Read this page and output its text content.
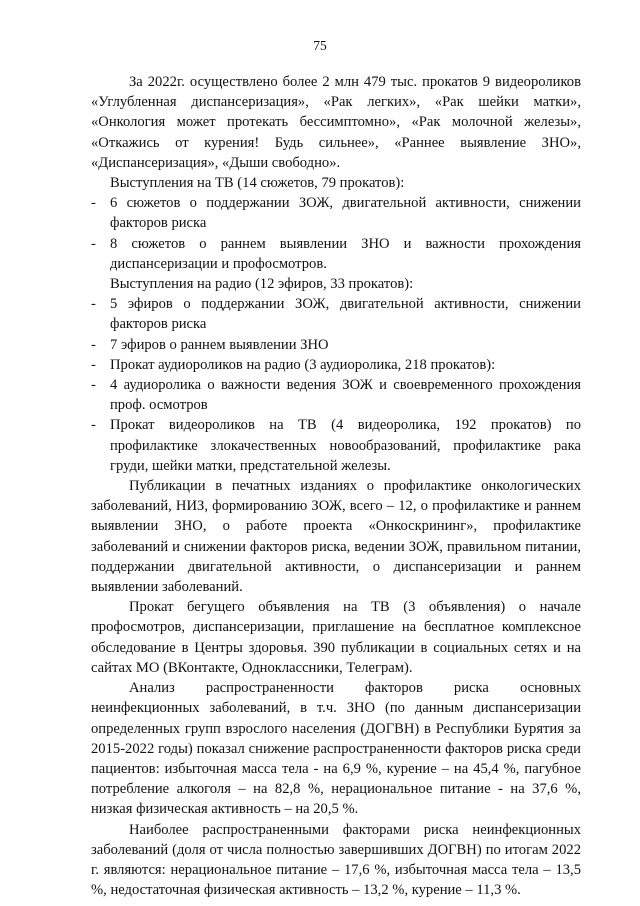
75

За 2022г. осуществлено более 2 млн 479 тыс. прокатов 9 видеороликов «Углубленная диспансеризация», «Рак легких», «Рак шейки матки», «Онкология может протекать бессимптомно», «Рак молочной железы», «Откажись от курения! Будь сильнее», «Раннее выявление ЗНО», «Диспансеризация», «Дыши свободно».

Выступления на ТВ (14 сюжетов, 79 прокатов):

- 6 сюжетов о поддержании ЗОЖ, двигательной активности, снижении факторов риска
- 8 сюжетов о раннем выявлении ЗНО и важности прохождения диспансеризации и профосмотров.

Выступления на радио (12 эфиров, 33 прокатов):

- 5 эфиров о поддержании ЗОЖ, двигательной активности, снижении факторов риска
- 7 эфиров о раннем выявлении ЗНО
- Прокат аудиороликов на радио (3 аудиоролика, 218 прокатов):
- 4 аудиоролика о важности ведения ЗОЖ и своевременного прохождения проф. осмотров
- Прокат видеороликов на ТВ (4 видеоролика, 192 прокатов) по профилактике злокачественных новообразований, профилактике рака груди, шейки матки, предстательной железы.

Публикации в печатных изданиях о профилактике онкологических заболеваний, НИЗ, формированию ЗОЖ, всего – 12, о профилактике и раннем выявлении ЗНО, о работе проекта «Онкоскрининг», профилактике заболеваний и снижении факторов риска, ведении ЗОЖ, правильном питании, поддержании двигательной активности, о диспансеризации и раннем выявлении заболеваний.

Прокат бегущего объявления на ТВ (3 объявления) о начале профосмотров, диспансеризации, приглашение на бесплатное комплексное обследование в Центры здоровья. 390 публикации в социальных сетях и на сайтах МО (ВКонтакте, Одноклассники, Телеграм).

Анализ распространенности факторов риска основных неинфекционных заболеваний, в т.ч. ЗНО (по данным диспансеризации определенных групп взрослого населения (ДОГВН) в Республики Бурятия за 2015-2022 годы) показал снижение распространенности факторов риска среди пациентов: избыточная масса тела - на 6,9 %, курение – на 45,4 %, пагубное потребление алкоголя – на 82,8 %, нерациональное питание - на 37,6 %, низкая физическая активность – на 20,5 %.

Наиболее распространенными факторами риска неинфекционных заболеваний (доля от числа полностью завершивших ДОГВН) по итогам 2022 г. являются: нерациональное питание – 17,6 %, избыточная масса тела – 13,5 %, недостаточная физическая активность – 13,2 %, курение – 11,3 %.
